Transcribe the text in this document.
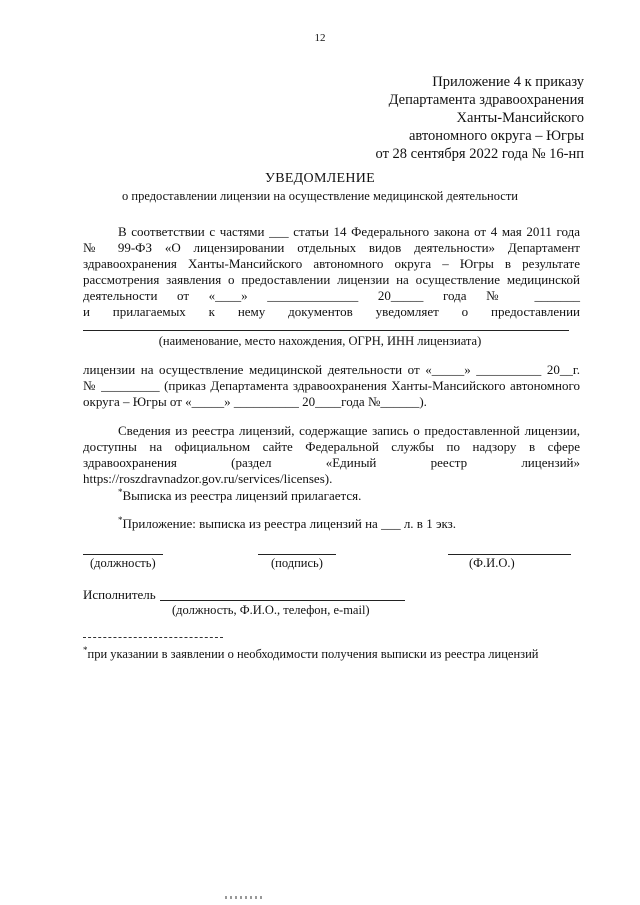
12
Приложение 4 к приказу
Департамента здравоохранения
Ханты-Мансийского
автономного округа – Югры
от 28 сентября 2022 года № 16-нп
УВЕДОМЛЕНИЕ
о предоставлении лицензии на осуществление медицинской деятельности
В соответствии с частями ___ статьи 14 Федерального закона от 4 мая 2011 года
№ 99-ФЗ «О лицензировании отдельных видов деятельности» Департамент
здравоохранения Ханты-Мансийского автономного округа – Югры в результате
рассмотрения заявления о предоставлении лицензии на осуществление медицинской
деятельности от «____» ______________ 20_____ года № _______
и прилагаемых к нему документов уведомляет о предоставлении
(наименование, место нахождения, ОГРН, ИНН лицензиата)
лицензии на осуществление медицинской деятельности от «_____» __________ 20__г.
№ _________ (приказ Департамента здравоохранения Ханты-Мансийского автономного
округа – Югры от «_____» __________ 20____года №______).
Сведения из реестра лицензий, содержащие запись о предоставленной лицензии,
доступны на официальном сайте Федеральной службы по надзору в сфере
здравоохранения (раздел «Единый реестр лицензий»
https://roszdravnadzor.gov.ru/services/licenses).
*Выписка из реестра лицензий прилагается.
*Приложение: выписка из реестра лицензий на ___ л. в 1 экз.
(должность)	(подпись)	(Ф.И.О.)
Исполнитель
(должность, Ф.И.О., телефон, e-mail)
*при указании в заявлении о необходимости получения выписки из реестра лицензий
